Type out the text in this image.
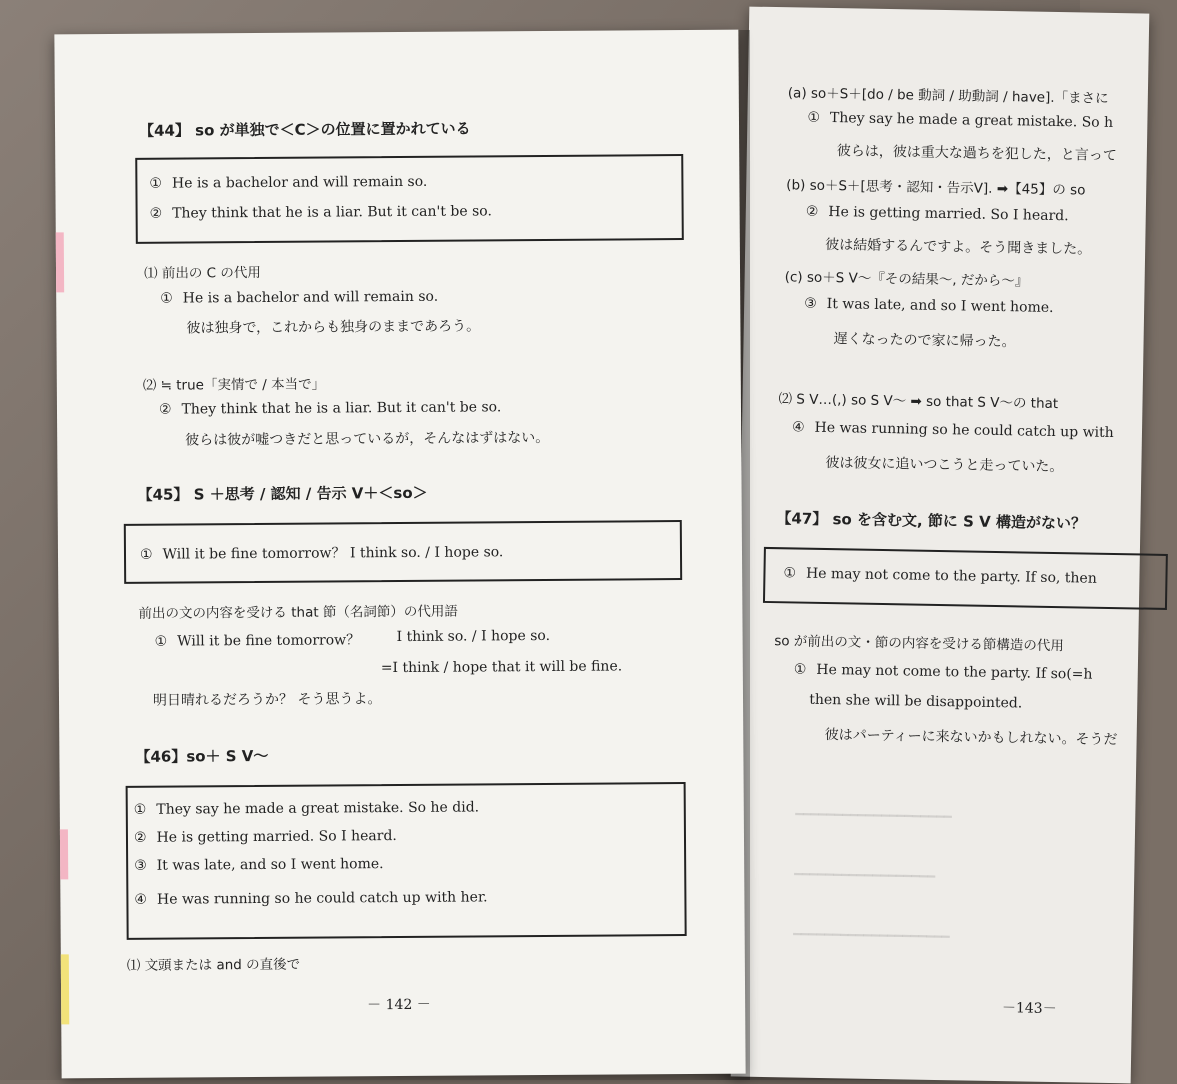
(a) so＋S＋[do / be 動詞 / 助動詞 / have].「まさに
① They say he made a great mistake. So h
彼らは，彼は重大な過ちを犯した，と言って
(b) so＋S＋[思考・認知・告示V]. ➡【45】の so
② He is getting married. So I heard.
彼は結婚するんですよ。そう聞きました。
(c) so＋S V～『その結果～, だから～』
③ It was late, and so I went home.
遅くなったので家に帰った。
⑵ S V…(,) so S V～ ➡ so that S V～の that
④ He was running so he could catch up with
彼は彼女に追いつこうと走っていた。
【47】 so を含む文, 節に S V 構造がない？
① He may not come to the party. If so, then
so が前出の文・節の内容を受ける節構造の代用
① He may not come to the party. If so(=h
then she will be disappointed.
彼はパーティーに来ないかもしれない。そうだ
━━━━━━━━━━━━━━━━━━━━
━━━━━━━━━━━━━━━━━━
━━━━━━━━━━━━━━━━━━━━
－143－
【44】 so が単独で＜C＞の位置に置かれている
① He is a bachelor and will remain so.
② They think that he is a liar. But it can't be so.
⑴ 前出の C の代用
① He is a bachelor and will remain so.
彼は独身で，これからも独身のままであろう。
⑵ ≒ true「実情で / 本当で」
② They think that he is a liar. But it can't be so.
彼らは彼が嘘つきだと思っているが，そんなはずはない。
【45】 S ＋思考 / 認知 / 告示 V＋＜so＞
① Will it be fine tomorrow？ I think so. / I hope so.
前出の文の内容を受ける that 節（名詞節）の代用語
① Will it be fine tomorrow？	I think so. / I hope so.
=I think / hope that it will be fine.
明日晴れるだろうか？ そう思うよ。
【46】so＋ S V～
① They say he made a great mistake. So he did.
② He is getting married. So I heard.
③ It was late, and so I went home.
④ He was running so he could catch up with her.
⑴ 文頭または and の直後で
－ 142 －
